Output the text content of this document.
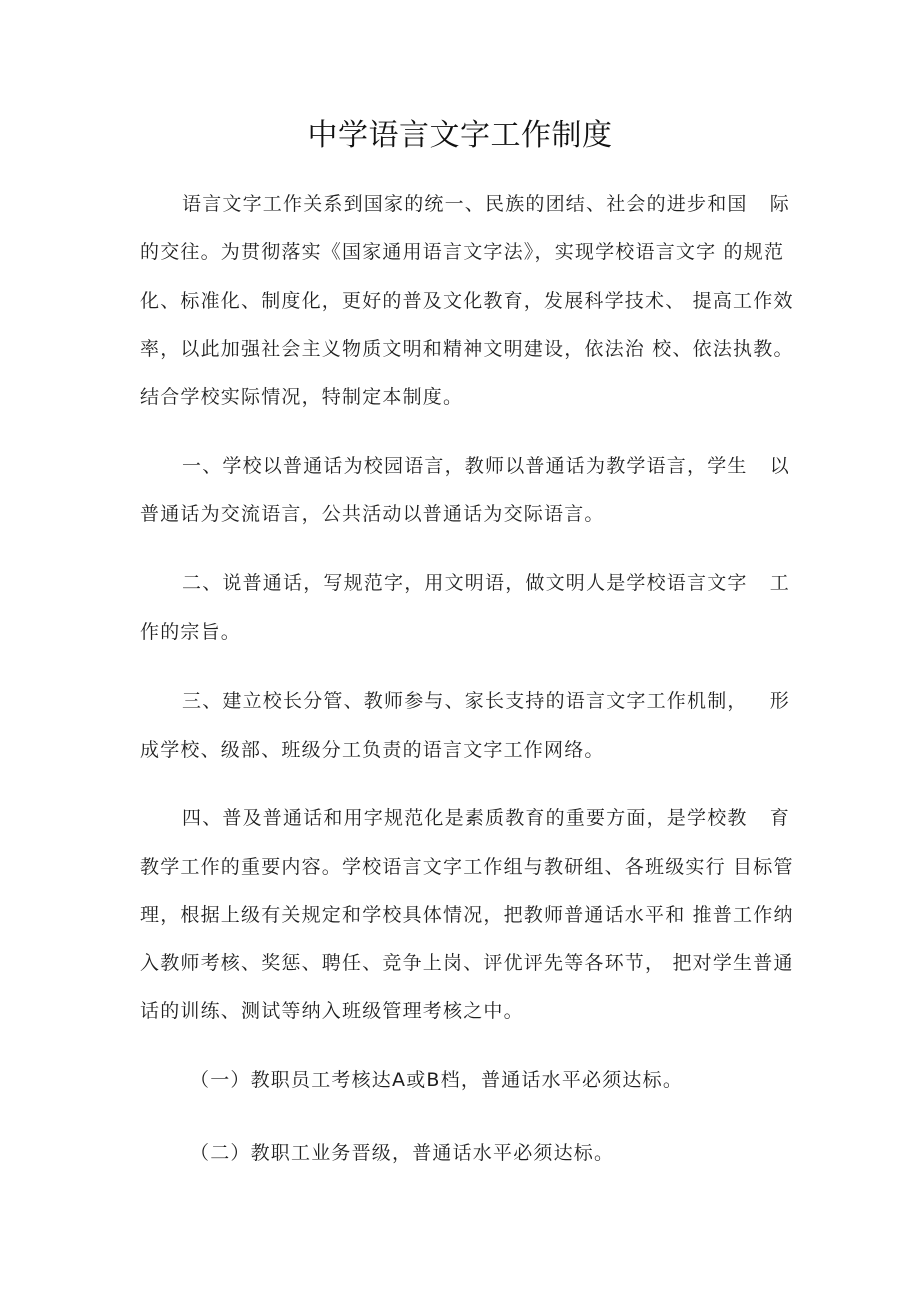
中学语言文字工作制度
语言文字工作关系到国家的统一、民族的团结、社会的进步和国 际
的交往。为贯彻落实《国家通用语言文字法》，实现学校语言文字 的规范
化、标准化、制度化，更好的普及文化教育，发展科学技术、 提高工作效
率，以此加强社会主义物质文明和精神文明建设，依法治 校、依法执教。
结合学校实际情况，特制定本制度。
一、学校以普通话为校园语言，教师以普通话为教学语言，学生 以
普通话为交流语言，公共活动以普通话为交际语言。
二、说普通话，写规范字，用文明语，做文明人是学校语言文字 工
作的宗旨。
三、建立校长分管、教师参与、家长支持的语言文字工作机制， 形
成学校、级部、班级分工负责的语言文字工作网络。
四、普及普通话和用字规范化是素质教育的重要方面，是学校教 育
教学工作的重要内容。学校语言文字工作组与教研组、各班级实行 目标管
理，根据上级有关规定和学校具体情况，把教师普通话水平和 推普工作纳
入教师考核、奖惩、聘任、竞争上岗、评优评先等各环节， 把对学生普通
话的训练、测试等纳入班级管理考核之中。
（一）教职员工考核达A或B档，普通话水平必须达标。
（二）教职工业务晋级，普通话水平必须达标。
